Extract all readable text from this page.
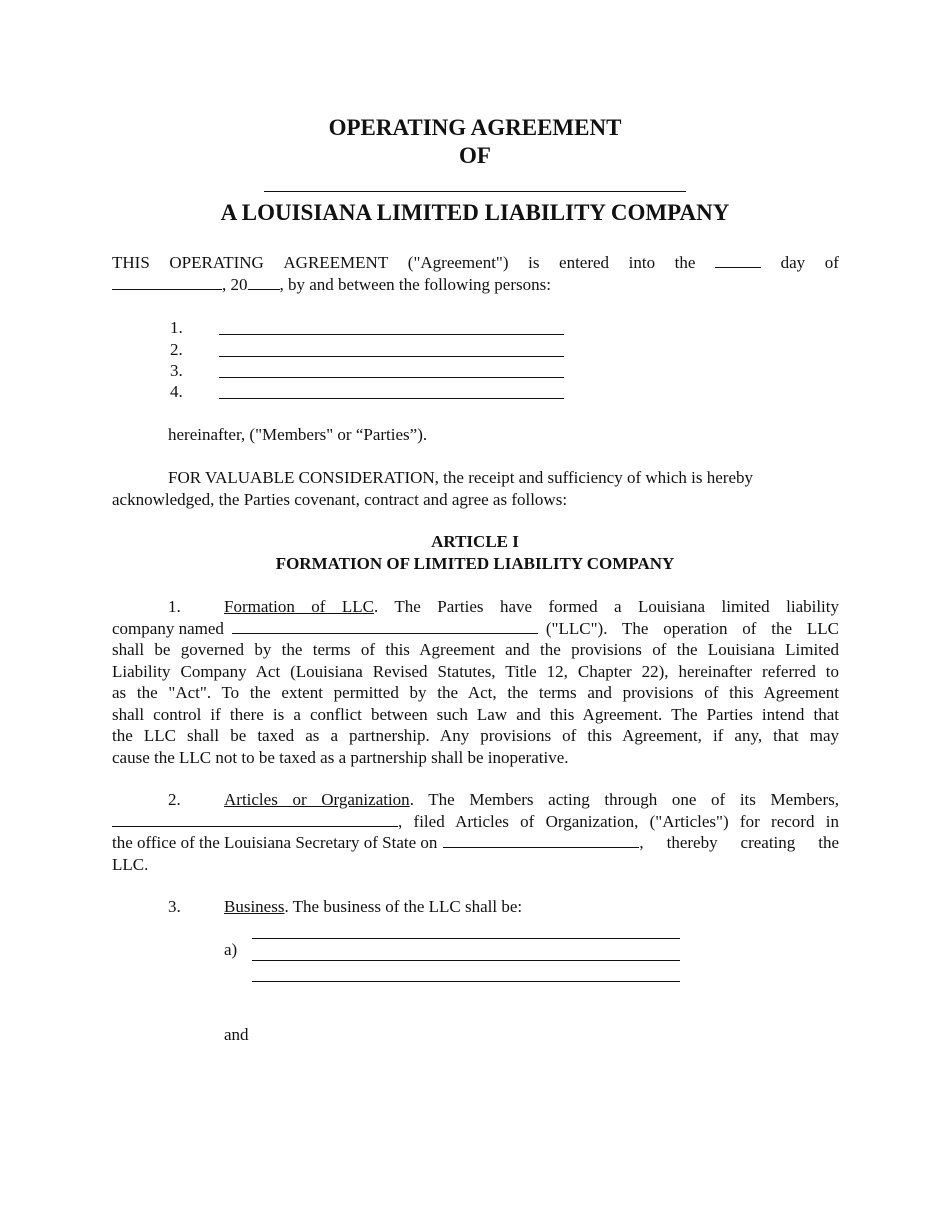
OPERATING AGREEMENT
OF
A LOUISIANA LIMITED LIABILITY COMPANY
THIS OPERATING AGREEMENT ("Agreement") is entered into the	day of
, 20 , by and between the following persons:
1.
2.
3.
4.
hereinafter, ("Members" or “Parties”).
FOR VALUABLE CONSIDERATION, the receipt and sufficiency of which is hereby
acknowledged, the Parties covenant, contract and agree as follows:
ARTICLE I
FORMATION OF LIMITED LIABILITY COMPANY
1.	Formation of LLC. The Parties have formed a Louisiana limited liability
company named	("LLC"). The operation of the LLC
shall be governed by the terms of this Agreement and the provisions of the Louisiana Limited
Liability Company Act (Louisiana Revised Statutes, Title 12, Chapter 22), hereinafter referred to
as the "Act". To the extent permitted by the Act, the terms and provisions of this Agreement
shall control if there is a conflict between such Law and this Agreement. The Parties intend that
the LLC shall be taxed as a partnership. Any provisions of this Agreement, if any, that may
cause the LLC not to be taxed as a partnership shall be inoperative.
2.	Articles or Organization. The Members acting through one of its Members,
, filed Articles of Organization, ("Articles") for record in
the office of the Louisiana Secretary of State on	, thereby creating the
LLC.
3.	Business. The business of the LLC shall be:
a)
and
